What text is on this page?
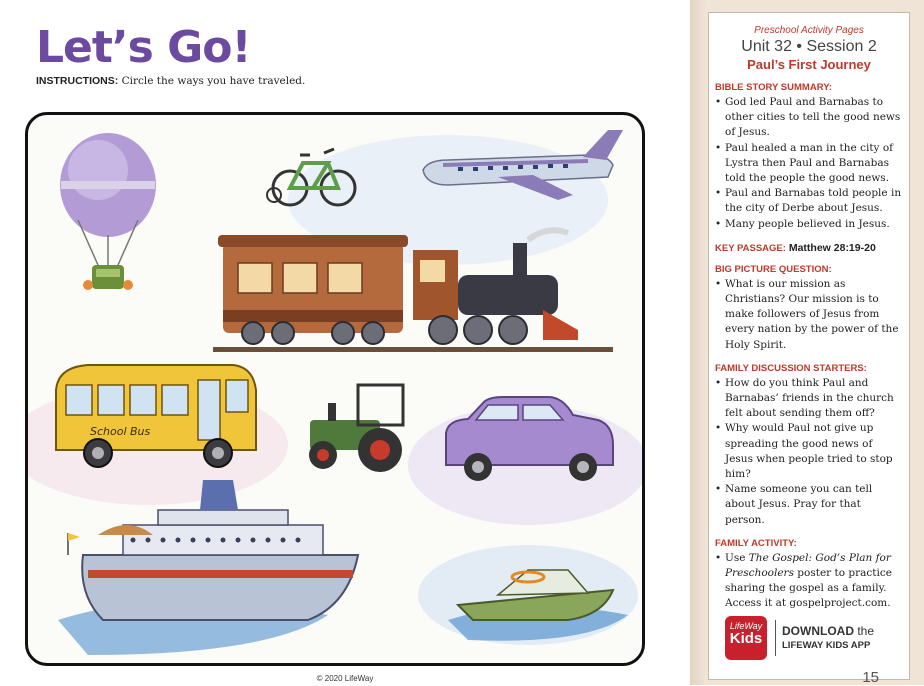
Let’s Go!
INSTRUCTIONS: Circle the ways you have traveled.
School Bus
© 2020 LifeWay
Preschool Activity Pages
Unit 32 • Session 2
Paul’s First Journey
BIBLE STORY SUMMARY:
• God led Paul and Barnabas to other cities to tell the good news of Jesus.
• Paul healed a man in the city of Lystra then Paul and Barnabas told the people the good news.
• Paul and Barnabas told people in the city of Derbe about Jesus.
• Many people believed in Jesus.
KEY PASSAGE: Matthew 28:19-20
BIG PICTURE QUESTION:
• What is our mission as Christians? Our mission is to make followers of Jesus from every nation by the power of the Holy Spirit.
FAMILY DISCUSSION STARTERS:
• How do you think Paul and Barnabas’ friends in the church felt about sending them off?
• Why would Paul not give up spreading the good news of Jesus when people tried to stop him?
• Name someone you can tell about Jesus. Pray for that person.
FAMILY ACTIVITY:
• Use The Gospel: God’s Plan for Preschoolers poster to practice sharing the gospel as a family. Access it at gospelproject.com.
LifeWay
Kids	DOWNLOAD the
LIFEWAY KIDS APP
15
